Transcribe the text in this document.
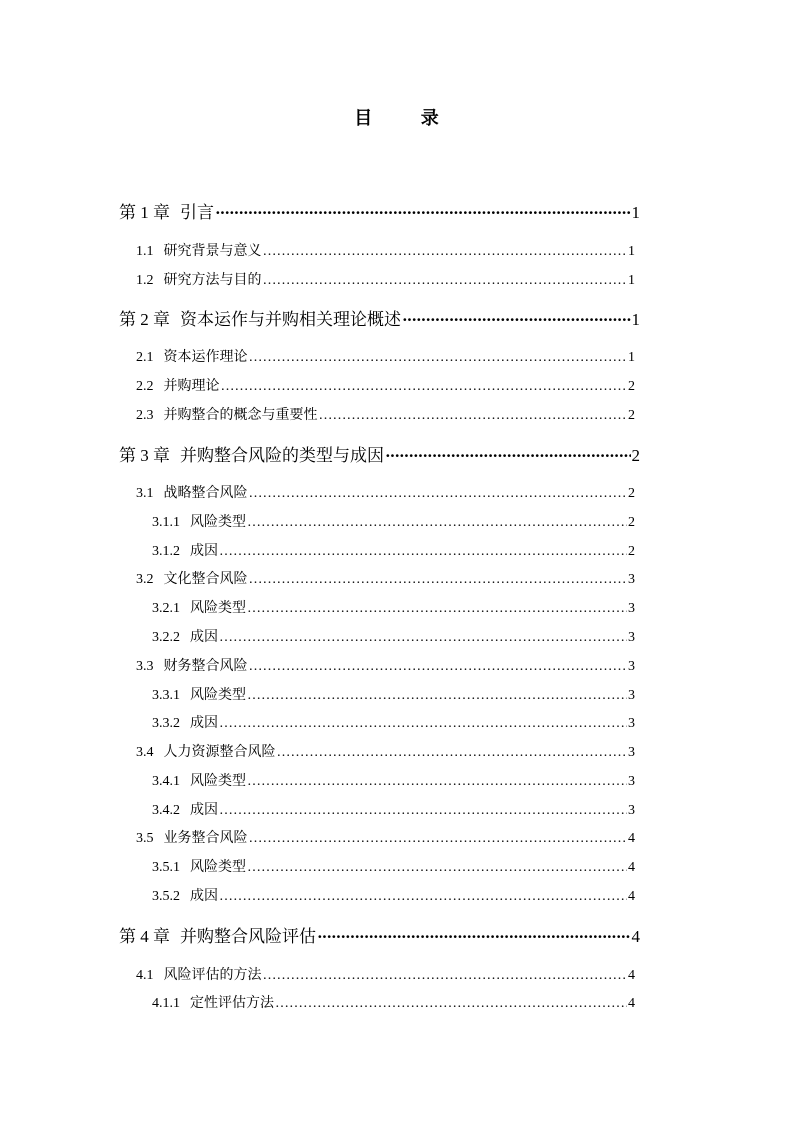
目 录
第 1 章 引言 ·····	1
1.1 研究背景与意义 ………………………………………………………………………………………………………………………………………………	1
1.2 研究方法与目的 ………………………………………………………………………………………………………………………………………………	1
第 2 章 资本运作与并购相关理论概述 ·····	1
2.1 资本运作理论 ………………………………………………………………………………………………………………………………………………	1
2.2 并购理论 ………………………………………………………………………………………………………………………………………………	2
2.3 并购整合的概念与重要性 ………………………………………………………………………………………………………………………………………………	2
第 3 章 并购整合风险的类型与成因 ·····	2
3.1 战略整合风险 ………………………………………………………………………………………………………………………………………………	2
3.1.1 风险类型 ………………………………………………………………………………………………………………………………………………	2
3.1.2 成因 ………………………………………………………………………………………………………………………………………………	2
3.2 文化整合风险 ………………………………………………………………………………………………………………………………………………	3
3.2.1 风险类型 ………………………………………………………………………………………………………………………………………………	3
3.2.2 成因 ………………………………………………………………………………………………………………………………………………	3
3.3 财务整合风险 ………………………………………………………………………………………………………………………………………………	3
3.3.1 风险类型 ………………………………………………………………………………………………………………………………………………	3
3.3.2 成因 ………………………………………………………………………………………………………………………………………………	3
3.4 人力资源整合风险 ………………………………………………………………………………………………………………………………………………	3
3.4.1 风险类型 ………………………………………………………………………………………………………………………………………………	3
3.4.2 成因 ………………………………………………………………………………………………………………………………………………	3
3.5 业务整合风险 ………………………………………………………………………………………………………………………………………………	4
3.5.1 风险类型 ………………………………………………………………………………………………………………………………………………	4
3.5.2 成因 ………………………………………………………………………………………………………………………………………………	4
第 4 章 并购整合风险评估 ·····	4
4.1 风险评估的方法 ………………………………………………………………………………………………………………………………………………	4
4.1.1 定性评估方法 ………………………………………………………………………………………………………………………………………………	4
